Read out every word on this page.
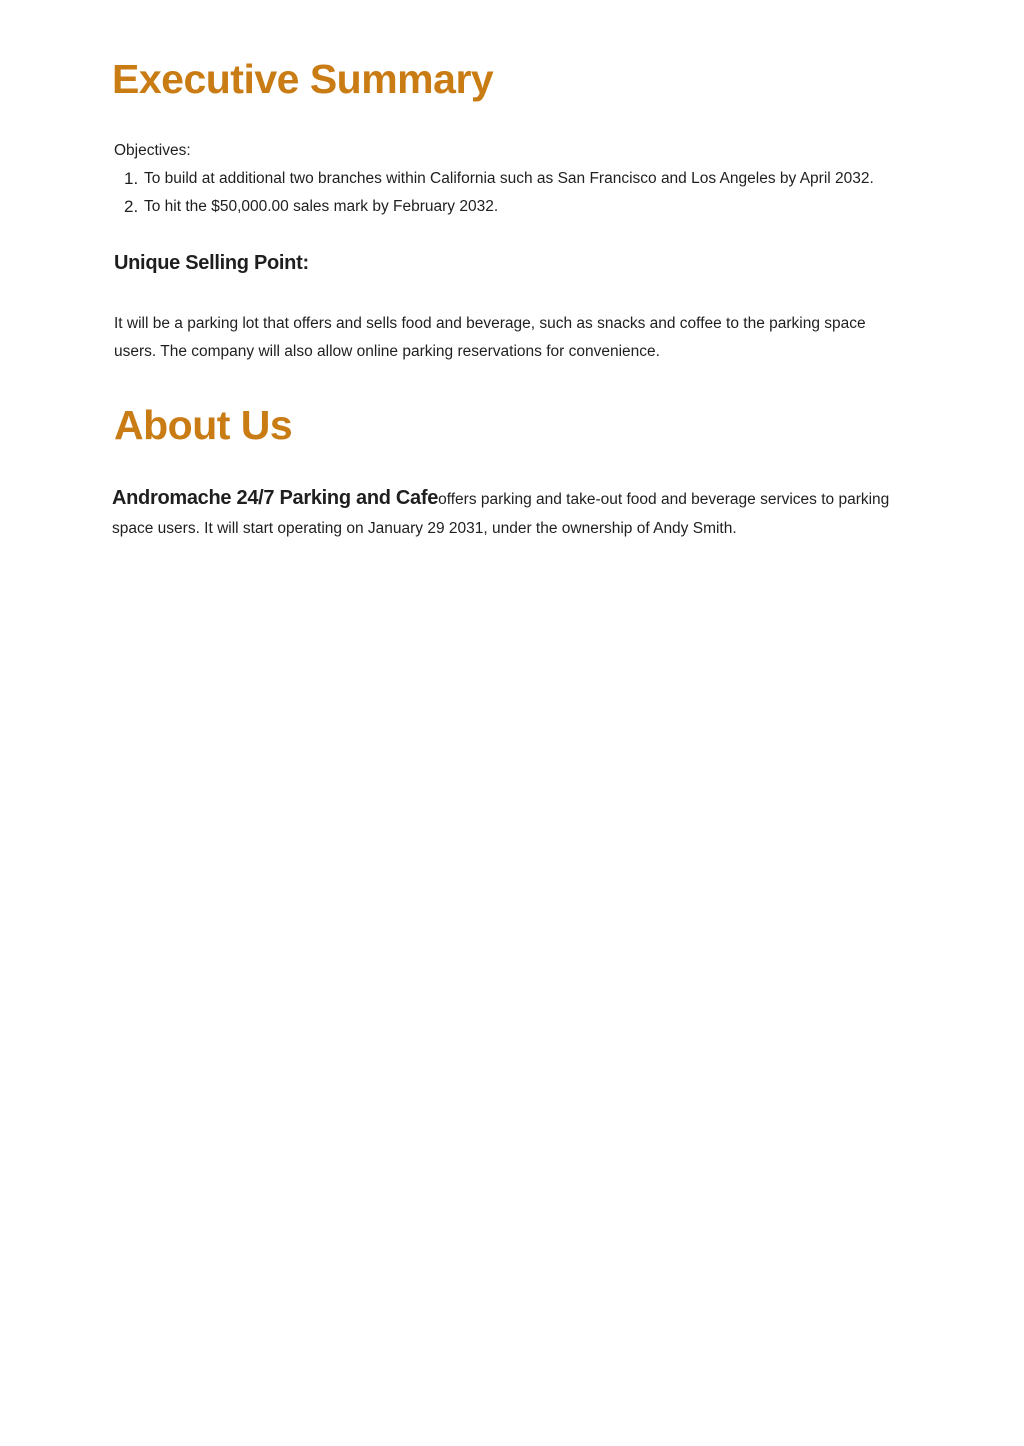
Executive Summary

Objectives:

1. To build at additional two branches within California such as San Francisco and Los Angeles by April 2032.
2. To hit the $50,000.00 sales mark by February 2032.
Unique Selling Point:

It will be a parking lot that offers and sells food and beverage, such as snacks and coffee to the parking space users. The company will also allow online parking reservations for convenience.

About Us

Andromache 24/7 Parking and Cafeoffers parking and take-out food and beverage services to parking space users. It will start operating on January 29 2031, under the ownership of Andy Smith.
